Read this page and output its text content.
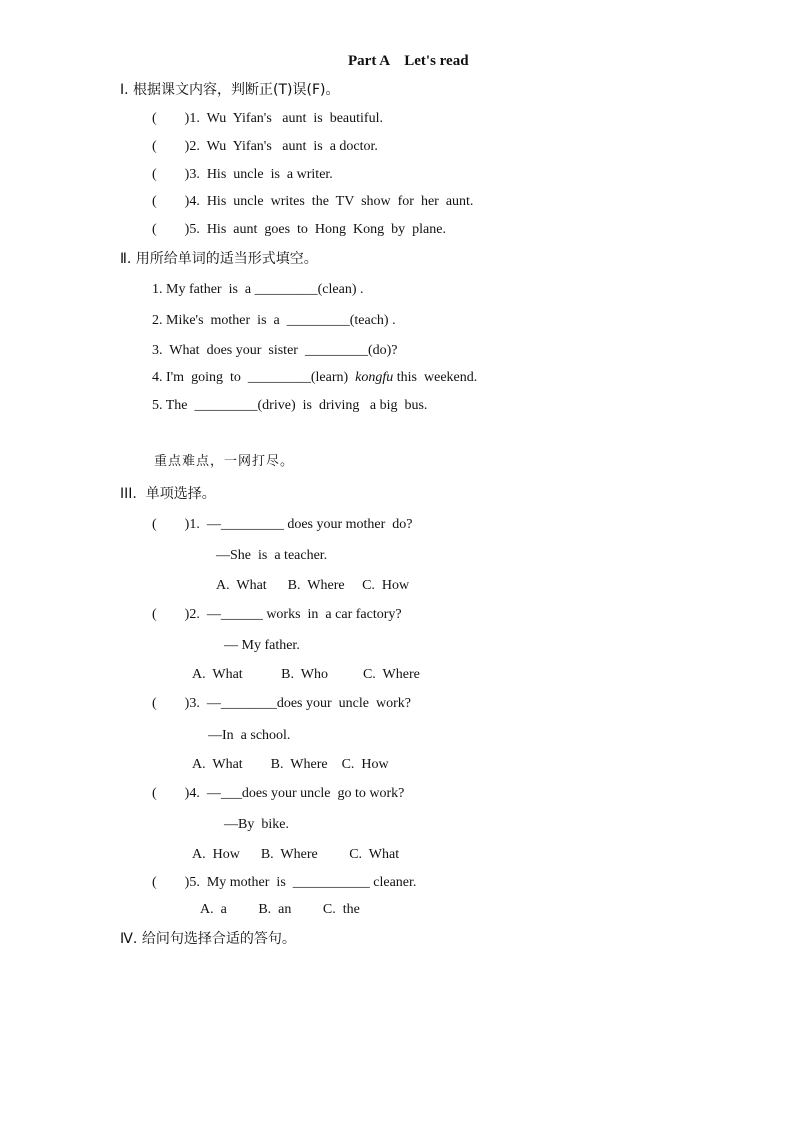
Part A    Let's read
Ⅰ. 根据课文内容，判断正(T)误(F)。
(        )1.  Wu  Yifan's   aunt  is  beautiful.
(        )2.  Wu  Yifan's   aunt  is  a doctor.
(        )3.  His  uncle  is  a writer.
(        )4.  His  uncle  writes  the  TV  show  for  her  aunt.
(        )5.  His  aunt  goes  to  Hong  Kong  by  plane.
Ⅱ. 用所给单词的适当形式填空。
1. My father  is  a _________(clean) .
2. Mike's  mother  is  a  _________(teach) .
3.  What  does your  sister  _________(do)?
4. I'm  going  to  _________(learn)  kongfu this  weekend.
5. The  _________(drive)  is  driving   a big  bus.
重点难点，一网打尽。
III.  单项选择。
(        )1.  —_________ does your mother  do?
—She  is  a teacher.
A.  What      B.  Where     C.  How
(        )2.  —______ works  in  a car factory?
— My father.
A.  What           B.  Who          C.  Where
(        )3.  —________does your  uncle  work?
—In  a school.
A.  What        B.  Where    C.  How
(        )4.  —___does your uncle  go to work?
—By  bike.
A.  How      B.  Where         C.  What
(        )5.  My mother  is  ___________ cleaner.
A.  a         B.  an         C.  the
Ⅳ. 给问句选择合适的答句。
